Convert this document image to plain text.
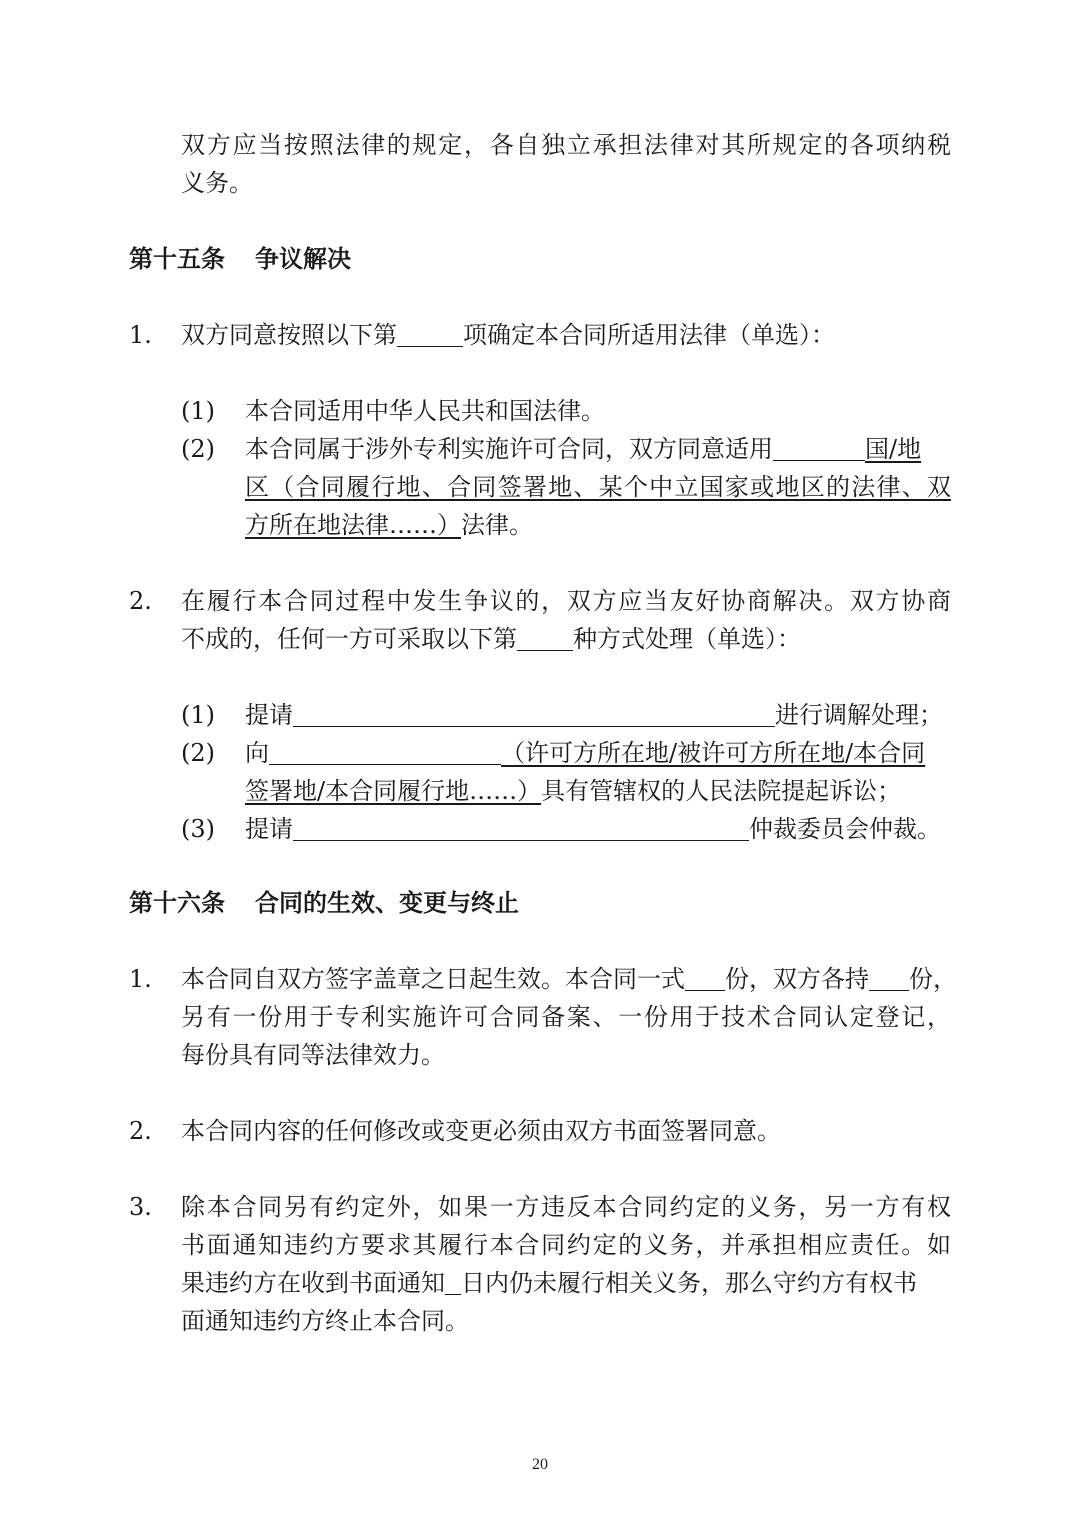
双方应当按照法律的规定，各自独立承担法律对其所规定的各项纳税
义务。
第十五条 争议解决
1. 双方同意按照以下第	项确定本合同所适用法律（单选）：
(1) 本合同适用中华人民共和国法律。
(2) 本合同属于涉外专利实施许可合同，双方同意适用	国/地
区（合同履行地、合同签署地、某个中立国家或地区的法律、双
方所在地法律……）法律。
2. 在履行本合同过程中发生争议的，双方应当友好协商解决。双方协商
不成的，任何一方可采取以下第 种方式处理（单选）：
(1) 提请	进行调解处理；
(2) 向	（许可方所在地/被许可方所在地/本合同
签署地/本合同履行地……）具有管辖权的人民法院提起诉讼；
(3) 提请	仲裁委员会仲裁。
第十六条 合同的生效、变更与终止
1. 本合同自双方签字盖章之日起生效。本合同一式 份，双方各持 份，
另有一份用于专利实施许可合同备案、一份用于技术合同认定登记，
每份具有同等法律效力。
2. 本合同内容的任何修改或变更必须由双方书面签署同意。
3. 除本合同另有约定外，如果一方违反本合同约定的义务，另一方有权
书面通知违约方要求其履行本合同约定的义务，并承担相应责任。如
果违约方在收到书面通知 日内仍未履行相关义务，那么守约方有权书
面通知违约方终止本合同。
20
